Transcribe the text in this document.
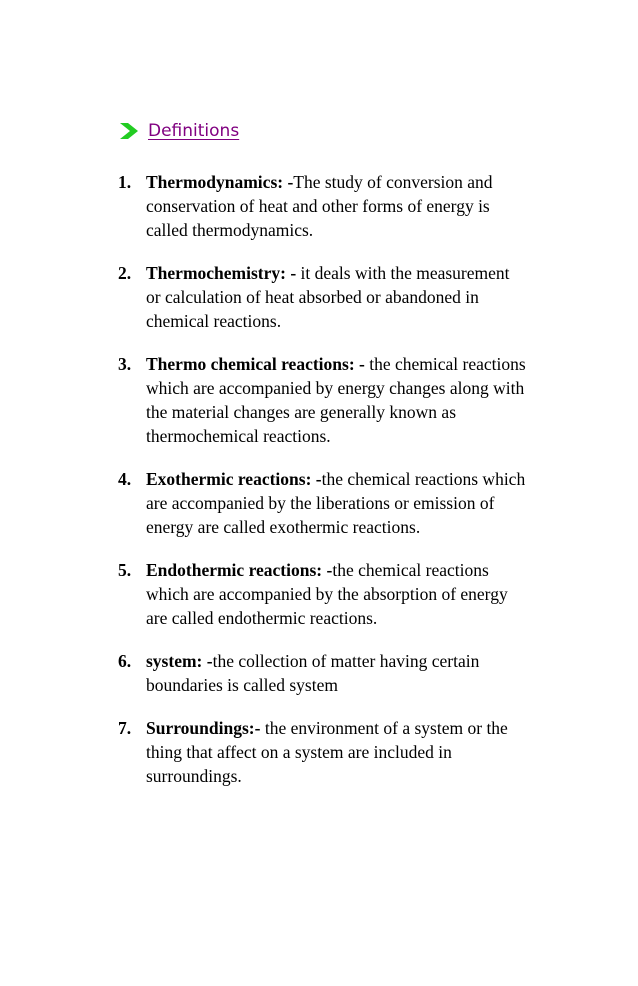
Definitions
1. Thermodynamics: -The study of conversion and conservation of heat and other forms of energy is called thermodynamics.
2. Thermochemistry: - it deals with the measurement or calculation of heat absorbed or abandoned in chemical reactions.
3. Thermo chemical reactions: - the chemical reactions which are accompanied by energy changes along with the material changes are generally known as thermochemical reactions.
4. Exothermic reactions: -the chemical reactions which are accompanied by the liberations or emission of energy are called exothermic reactions.
5. Endothermic reactions: -the chemical reactions which are accompanied by the absorption of energy are called endothermic reactions.
6. system: -the collection of matter having certain boundaries is called system
7. Surroundings:- the environment of a system or the thing that affect on a system are included in surroundings.
